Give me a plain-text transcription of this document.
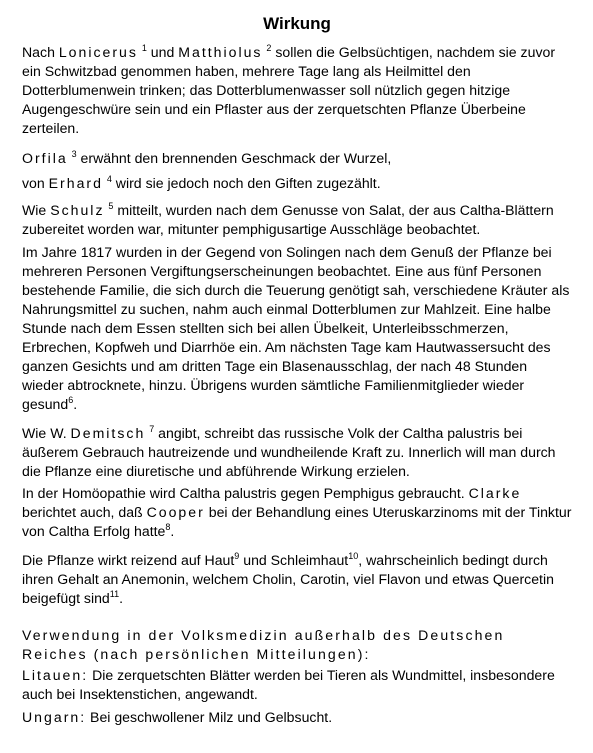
Wirkung

Nach Lonicerus $^1$ und Matthiolus $^2$ sollen die Gelbsüchtigen, nachdem sie zuvor ein Schwitzbad genommen haben, mehrere Tage lang als Heilmittel den Dotterblumenwein trinken; das Dotterblumenwasser soll nützlich gegen hitzige Augengeschwüre sein und ein Pflaster aus der zerquetschten Pflanze Überbeine zerteilen.

Orfila $^3$ erwähnt den brennenden Geschmack der Wurzel,

von Erhard $^4$ wird sie jedoch noch den Giften zugezählt.

Wie Schulz $^5$ mitteilt, wurden nach dem Genusse von Salat, der aus Caltha-Blättern zubereitet worden war, mitunter pemphigusartige Ausschläge beobachtet.

Im Jahre 1817 wurden in der Gegend von Solingen nach dem Genuß der Pflanze bei mehreren Personen Vergiftungserscheinungen beobachtet. Eine aus fünf Personen bestehende Familie, die sich durch die Teuerung genötigt sah, verschiedene Kräuter als Nahrungsmittel zu suchen, nahm auch einmal Dotterblumen zur Mahlzeit. Eine halbe Stunde nach dem Essen stellten sich bei allen Übelkeit, Unterleibsschmerzen, Erbrechen, Kopfweh und Diarrhöe ein. Am nächsten Tage kam Hautwassersucht des ganzen Gesichts und am dritten Tage ein Blasenausschlag, der nach 48 Stunden wieder abtrocknete, hinzu. Übrigens wurden sämtliche Familienmitglieder wieder gesund$^6$.

Wie W. Demitsch $^7$ angibt, schreibt das russische Volk der Caltha palustris bei äußerem Gebrauch hautreizende und wundheilende Kraft zu. Innerlich will man durch die Pflanze eine diuretische und abführende Wirkung erzielen.

In der Homöopathie wird Caltha palustris gegen Pemphigus gebraucht. Clarke berichtet auch, daß Cooper bei der Behandlung eines Uteruskarzinoms mit der Tinktur von Caltha Erfolg hatte$^8$.

Die Pflanze wirkt reizend auf Haut$^9$ und Schleimhaut$^{10}$, wahrscheinlich bedingt durch ihren Gehalt an Anemonin, welchem Cholin, Carotin, viel Flavon und etwas Quercetin beigefügt sind$^{11}$.

Verwendung in der Volksmedizin außerhalb des Deutschen Reiches (nach persönlichen Mitteilungen):

Litauen: Die zerquetschten Blätter werden bei Tieren als Wundmittel, insbesondere auch bei Insektenstichen, angewandt.

Ungarn: Bei geschwollener Milz und Gelbsucht.
